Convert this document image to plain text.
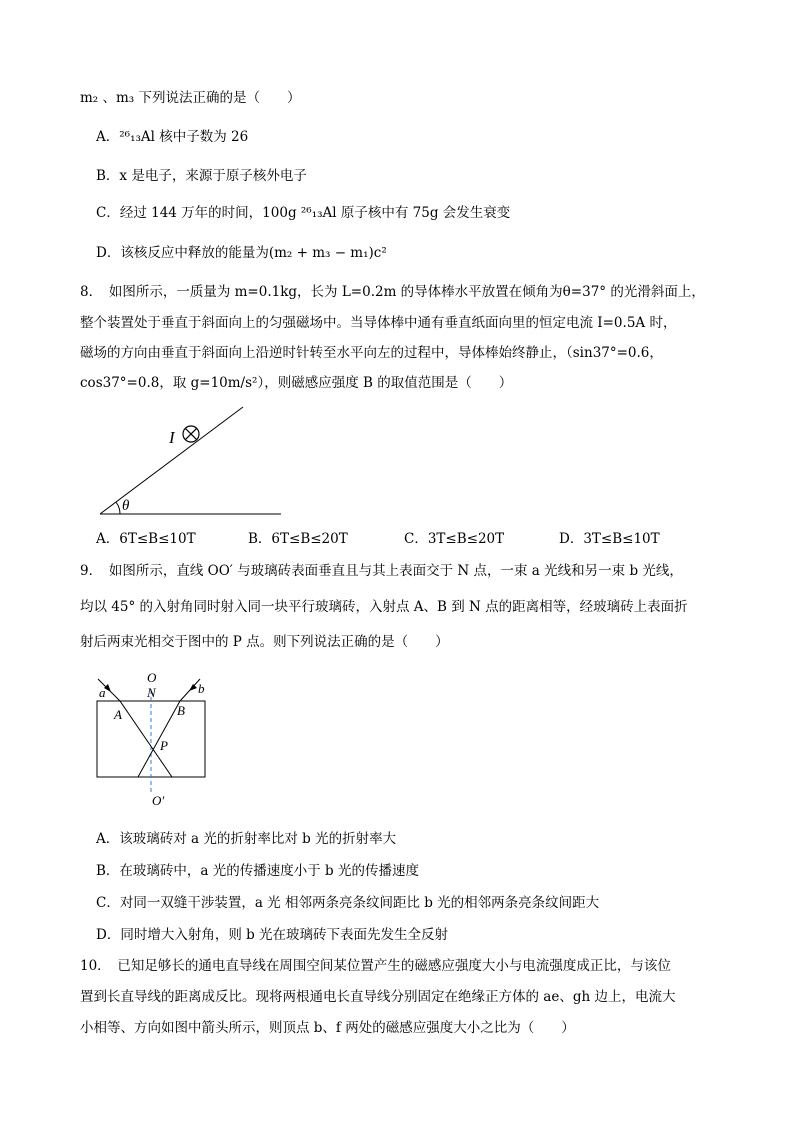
m₂ 、m₃ 下列说法正确的是（　　）
A．²⁶₁₃Al 核中子数为 26
B．x 是电子，来源于原子核外电子
C．经过 144 万年的时间，100g ²⁶₁₃Al 原子核中有 75g 会发生衰变
D．该核反应中释放的能量为(m₂ + m₃ − m₁)c²
8．　如图所示，一质量为 m=0.1kg，长为 L=0.2m 的导体棒水平放置在倾角为θ=37° 的光滑斜面上，
整个装置处于垂直于斜面向上的匀强磁场中。当导体棒中通有垂直纸面向里的恒定电流 I=0.5A 时，
磁场的方向由垂直于斜面向上沿逆时针转至水平向左的过程中，导体棒始终静止，（sin37°=0.6，
cos37°=0.8，取 g=10m/s²），则磁感应强度 B 的取值范围是（　　）
θ
I
A．6T≤B≤10T	B．6T≤B≤20T	C．3T≤B≤20T	D．3T≤B≤10T
9．　如图所示，直线 OO′ 与玻璃砖表面垂直且与其上表面交于 N 点，一束 a 光线和另一束 b 光线，
均以 45° 的入射角同时射入同一块平行玻璃砖，入射点 A、B 到 N 点的距离相等，经玻璃砖上表面折
射后两束光相交于图中的 P 点。则下列说法正确的是（　　）
O
N
a	b
A	B
P
O′
A．该玻璃砖对 a 光的折射率比对 b 光的折射率大
B．在玻璃砖中，a 光的传播速度小于 b 光的传播速度
C．对同一双缝干涉装置，a 光 相邻两条亮条纹间距比 b 光的相邻两条亮条纹间距大
D．同时增大入射角，则 b 光在玻璃砖下表面先发生全反射
10．　已知足够长的通电直导线在周围空间某位置产生的磁感应强度大小与电流强度成正比，与该位
置到长直导线的距离成反比。现将两根通电长直导线分别固定在绝缘正方体的 ae、gh 边上，电流大
小相等、方向如图中箭头所示，则顶点 b、f 两处的磁感应强度大小之比为（　　）
